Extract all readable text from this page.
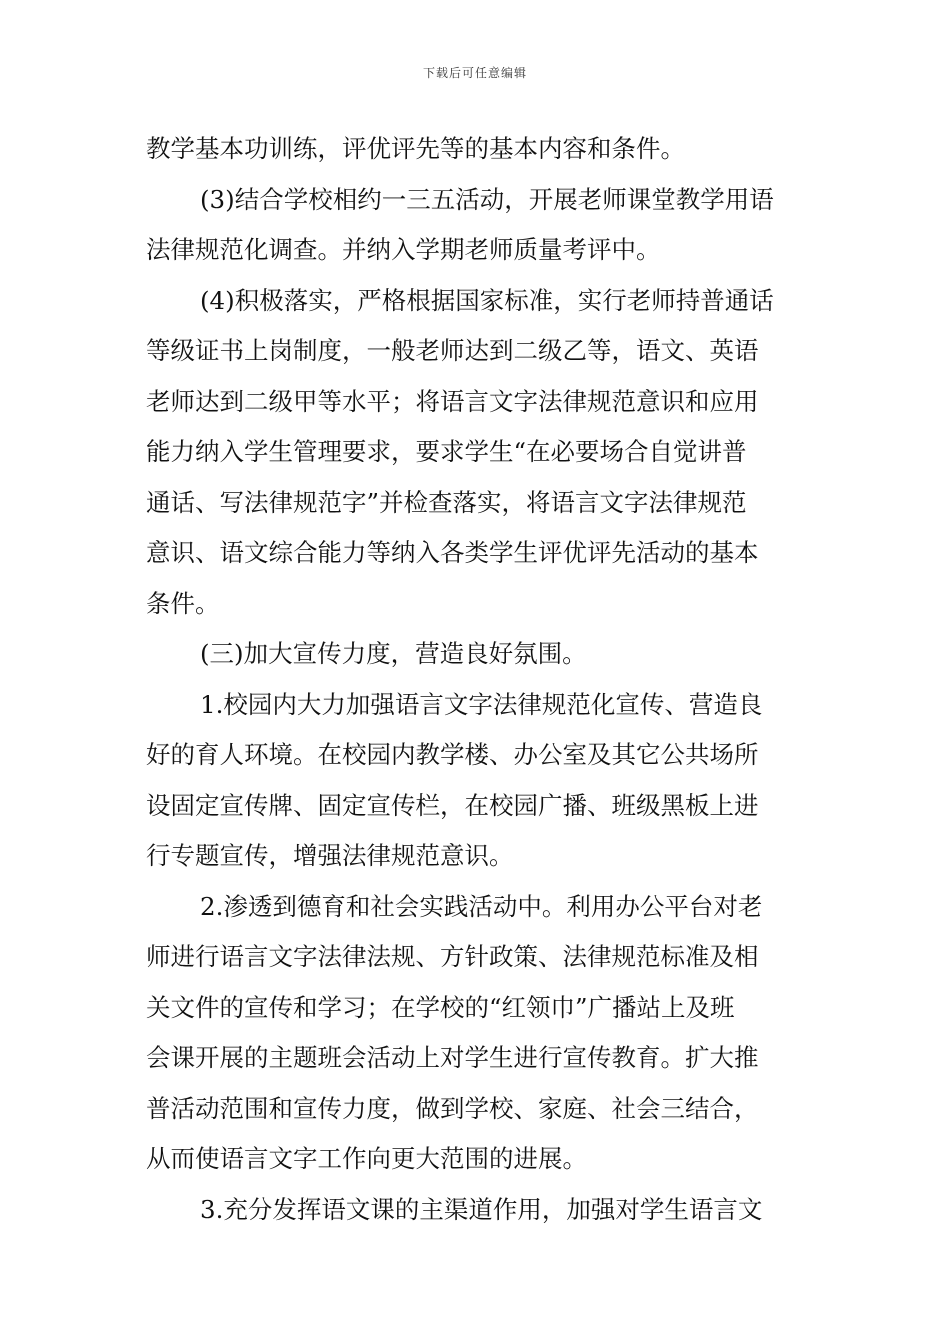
下载后可任意编辑
教学基本功训练，评优评先等的基本内容和条件。
(3)结合学校相约一三五活动，开展老师课堂教学用语
法律规范化调查。并纳入学期老师质量考评中。
(4)积极落实，严格根据国家标准，实行老师持普通话
等级证书上岗制度，一般老师达到二级乙等，语文、英语
老师达到二级甲等水平；将语言文字法律规范意识和应用
能力纳入学生管理要求，要求学生“在必要场合自觉讲普
通话、写法律规范字”并检查落实，将语言文字法律规范
意识、语文综合能力等纳入各类学生评优评先活动的基本
条件。
(三)加大宣传力度，营造良好氛围。
1.校园内大力加强语言文字法律规范化宣传、营造良
好的育人环境。在校园内教学楼、办公室及其它公共场所
设固定宣传牌、固定宣传栏，在校园广播、班级黑板上进
行专题宣传，增强法律规范意识。
2.渗透到德育和社会实践活动中。利用办公平台对老
师进行语言文字法律法规、方针政策、法律规范标准及相
关文件的宣传和学习；在学校的“红领巾”广播站上及班
会课开展的主题班会活动上对学生进行宣传教育。扩大推
普活动范围和宣传力度，做到学校、家庭、社会三结合，
从而使语言文字工作向更大范围的进展。
3.充分发挥语文课的主渠道作用，加强对学生语言文
